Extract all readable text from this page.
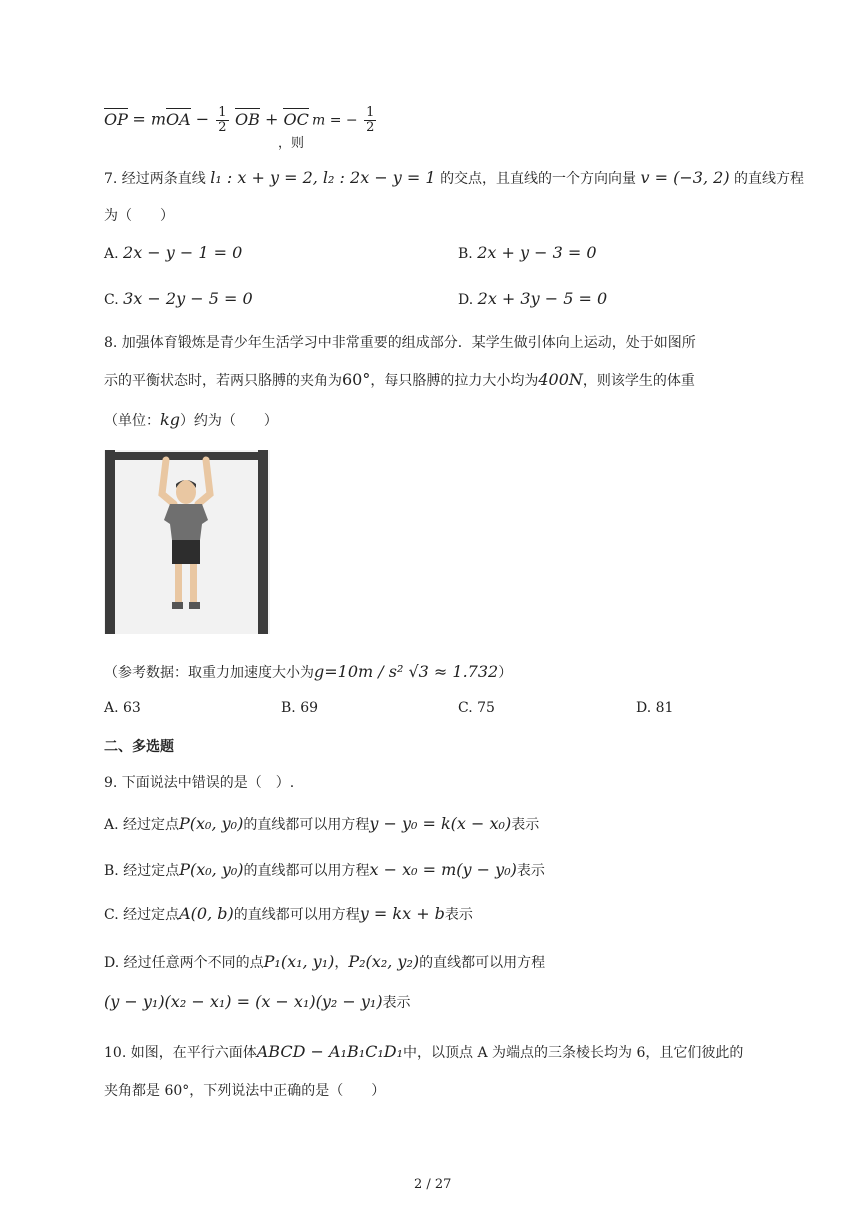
OP = mOA − $\frac{1}{2}$ OB + OC
，则
m = − $\frac{1}{2}$
7. 经过两条直线 l₁ : x + y = 2, l₂ : 2x − y = 1 的交点，且直线的一个方向向量 v = (−3, 2) 的直线方程
为（　　）
A. 2x − y − 1 = 0	B. 2x + y − 3 = 0
C. 3x − 2y − 5 = 0	D. 2x + 3y − 5 = 0
8. 加强体育锻炼是青少年生活学习中非常重要的组成部分．某学生做引体向上运动，处于如图所
示的平衡状态时，若两只胳膊的夹角为60°，每只胳膊的拉力大小均为400N，则该学生的体重
（单位：kg）约为（　　）
（参考数据：取重力加速度大小为g=10m / s² √3 ≈ 1.732）
A. 63	B. 69	C. 75	D. 81
二、多选题
9. 下面说法中错误的是（　）.
A. 经过定点P(x₀, y₀)的直线都可以用方程y − y₀ = k(x − x₀)表示
B. 经过定点P(x₀, y₀)的直线都可以用方程x − x₀ = m(y − y₀)表示
C. 经过定点A(0, b)的直线都可以用方程y = kx + b表示
D. 经过任意两个不同的点P₁(x₁, y₁)，P₂(x₂, y₂)的直线都可以用方程
(y − y₁)(x₂ − x₁) = (x − x₁)(y₂ − y₁)表示
10. 如图，在平行六面体ABCD − A₁B₁C₁D₁中，以顶点 A 为端点的三条棱长均为 6，且它们彼此的
夹角都是 60°，下列说法中正确的是（　　）
2 / 27
